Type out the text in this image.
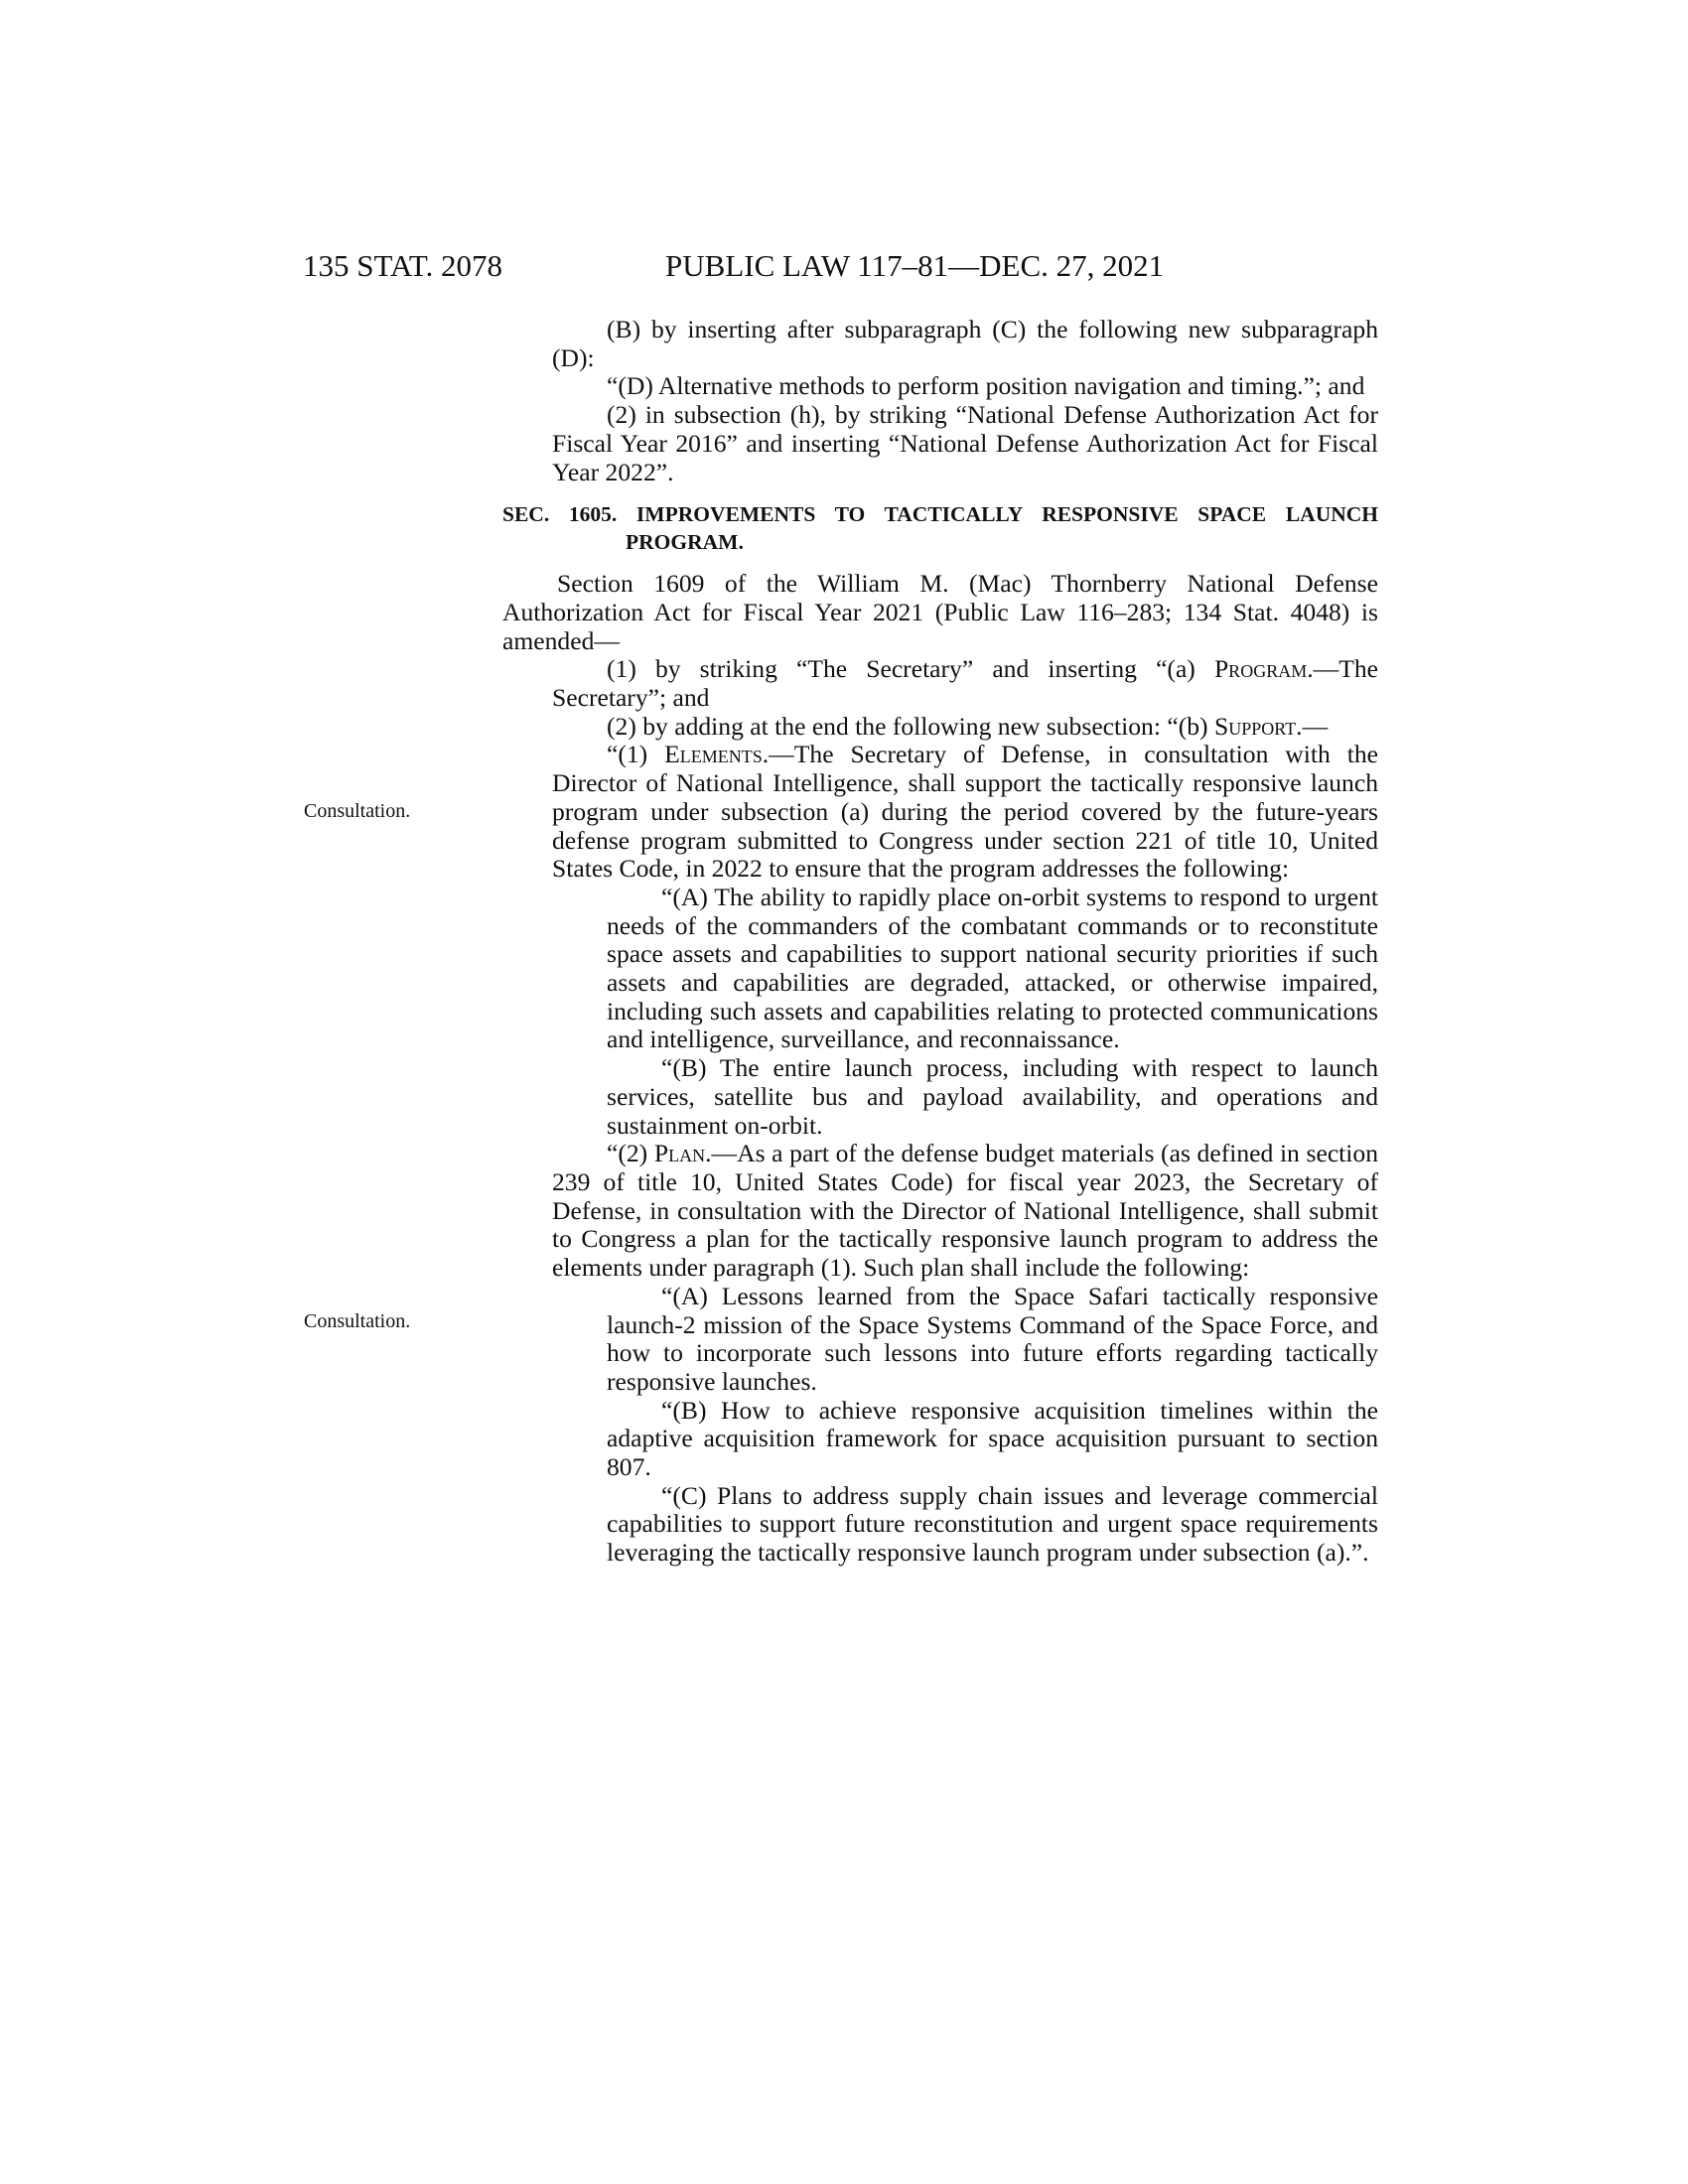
135 STAT. 2078	PUBLIC LAW 117–81—DEC. 27, 2021
Consultation.
Consultation.

(B) by inserting after subparagraph (C) the following new subparagraph (D):

“(D) Alternative methods to perform position navigation and timing.”; and

(2) in subsection (h), by striking “National Defense Authorization Act for Fiscal Year 2016” and inserting “National Defense Authorization Act for Fiscal Year 2022”.

SEC. 1605. IMPROVEMENTS TO TACTICALLY RESPONSIVE SPACE LAUNCH PROGRAM.

Section 1609 of the William M. (Mac) Thornberry National Defense Authorization Act for Fiscal Year 2021 (Public Law 116–283; 134 Stat. 4048) is amended—

(1) by striking “The Secretary” and inserting “(a) Program.—The Secretary”; and

(2) by adding at the end the following new subsection: “(b) Support.—

“(1) Elements.—The Secretary of Defense, in consultation with the Director of National Intelligence, shall support the tactically responsive launch program under subsection (a) during the period covered by the future-years defense program submitted to Congress under section 221 of title 10, United States Code, in 2022 to ensure that the program addresses the following:

“(A) The ability to rapidly place on-orbit systems to respond to urgent needs of the commanders of the combatant commands or to reconstitute space assets and capabilities to support national security priorities if such assets and capabilities are degraded, attacked, or otherwise impaired, including such assets and capabilities relating to protected communications and intelligence, surveillance, and reconnaissance.

“(B) The entire launch process, including with respect to launch services, satellite bus and payload availability, and operations and sustainment on-orbit.

“(2) Plan.—As a part of the defense budget materials (as defined in section 239 of title 10, United States Code) for fiscal year 2023, the Secretary of Defense, in consultation with the Director of National Intelligence, shall submit to Congress a plan for the tactically responsive launch program to address the elements under paragraph (1). Such plan shall include the following:

“(A) Lessons learned from the Space Safari tactically responsive launch-2 mission of the Space Systems Command of the Space Force, and how to incorporate such lessons into future efforts regarding tactically responsive launches.

“(B) How to achieve responsive acquisition timelines within the adaptive acquisition framework for space acquisition pursuant to section 807.

“(C) Plans to address supply chain issues and leverage commercial capabilities to support future reconstitution and urgent space requirements leveraging the tactically responsive launch program under subsection (a).”.
